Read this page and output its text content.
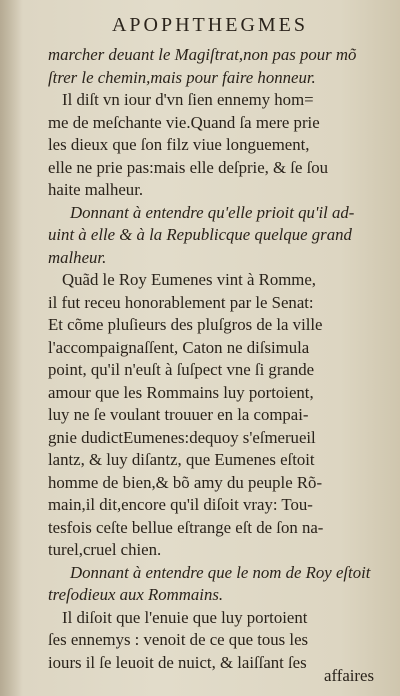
APOPHTHEGMES
marcher deuant le Magiſtrat,non pas pour mõ
ſtrer le chemin,mais pour faire honneur.
Il diſt vn iour d'vn ſien ennemy hom=
me de meſchante vie.Quand ſa mere prie
les dieux que ſon filz viue longuement,
elle ne prie pas:mais elle deſprie, & ſe ſou
haite malheur.
Donnant à entendre qu'elle prioit qu'il ad-
uint à elle & à la Republicque quelque grand
malheur.
Quãd le Roy Eumenes vint à Romme,
il fut receu honorablement par le Senat:
Et cõme pluſieurs des pluſgros de la ville
l'accompaignaſſent, Caton ne diſsimula
point, qu'il n'euſt à ſuſpect vne ſi grande
amour que les Rommains luy portoient,
luy ne ſe voulant trouuer en la compai-
gnie dudictEumenes:dequoy s'eſmerueil
lantz, & luy diſantz, que Eumenes eſtoit
homme de bien,& bõ amy du peuple Rõ-
main,il dit,encore qu'il diſoit vray: Tou-
tesfois ceſte bellue eſtrange eſt de ſon na-
turel,cruel chien.
Donnant à entendre que le nom de Roy eſtoit
treſodieux aux Rommains.
Il diſoit que l'enuie que luy portoient
ſes ennemys : venoit de ce que tous les
iours il ſe leuoit de nuict, & laiſſant ſes
affaires
